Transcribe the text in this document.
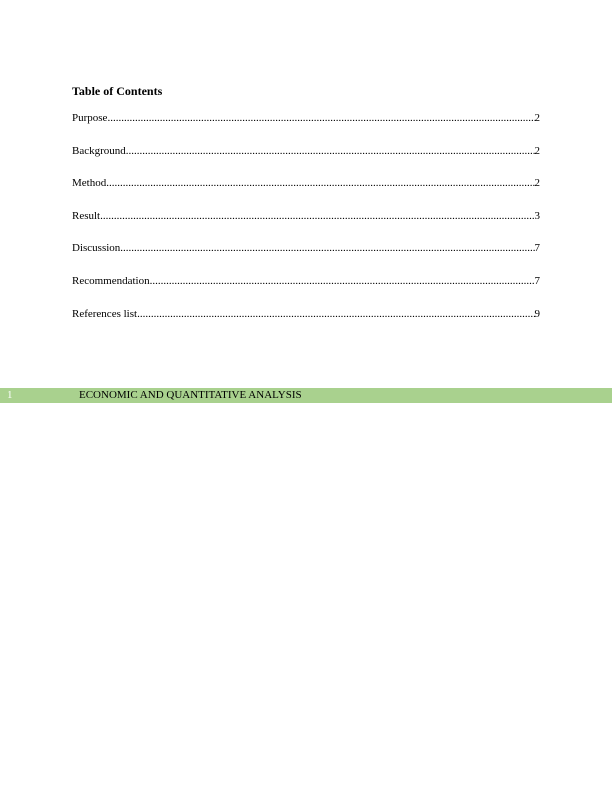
Table of Contents
Purpose .....	2
Background .....	2
Method .....	2
Result .....	3
Discussion .....	7
Recommendation .....	7
References list .....	9
1	ECONOMIC AND QUANTITATIVE ANALYSIS
